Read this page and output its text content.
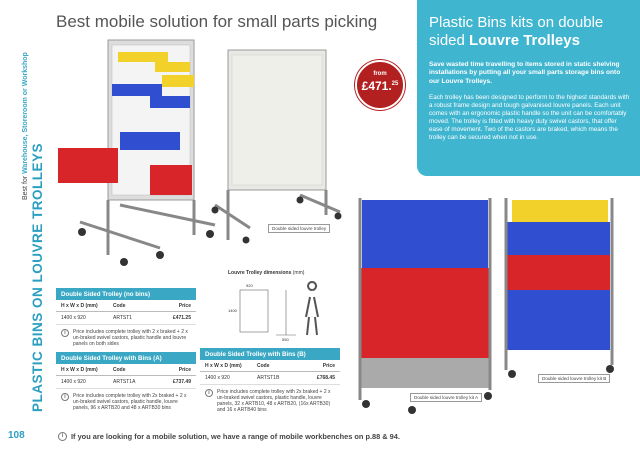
Best for Warehouse, Storeroom or Workshop
PLASTIC BINS ON LOUVRE TROLLEYS
108
Best mobile solution for small parts picking
Louvre Trolley dimensions (mm)
920
1400
550
Double sided louvre trolley
Double sided louvre trolley kit A
Double sided louvre trolley kit B
Plastic Bins kits on double sided Louvre Trolleys

Save wasted time travelling to items stored in static shelving installations by putting all your small parts storage bins onto our Louvre Trolleys.

Each trolley has been designed to perform to the highest standards with a robust frame design and tough galvanised louvre panels. Each unit comes with an ergonomic plastic handle so the unit can be comfortably moved. The trolley is fitted with heavy duty swivel castors, that offer ease of movement. Two of the castors are braked, which means the trolley can be secured when not in use.

from
£471.25
Double Sided Trolley (no bins)
H x W x D (mm)	Code	Price
1400 x 920	ARTST1	£471.25
i	Price includes complete trolley with 2 x braked + 2 x un-braked swivel castors, plastic handle and louvre panels on both sides
Double Sided Trolley with Bins (A)
H x W x D (mm)	Code	Price
1400 x 920	ARTST1A	£737.49
i	Price includes complete trolley with 2x braked + 2 x un-braked swivel castors, plastic handle, louvre panels, 96 x ARTB20 and 48 x ARTB30 bins
Double Sided Trolley with Bins (B)
H x W x D (mm)	Code	Price
1400 x 920	ARTST1B	£768.45
i	Price includes complete trolley with 2x braked + 2 x un-braked swivel castors, plastic handle, louvre panels, 32 x ARTB10, 48 x ARTB20, (16x ARTB30) and 16 x ARTB40 bins
i	If you are looking for a mobile solution, we have a range of mobile workbenches on p.88 & 94.
